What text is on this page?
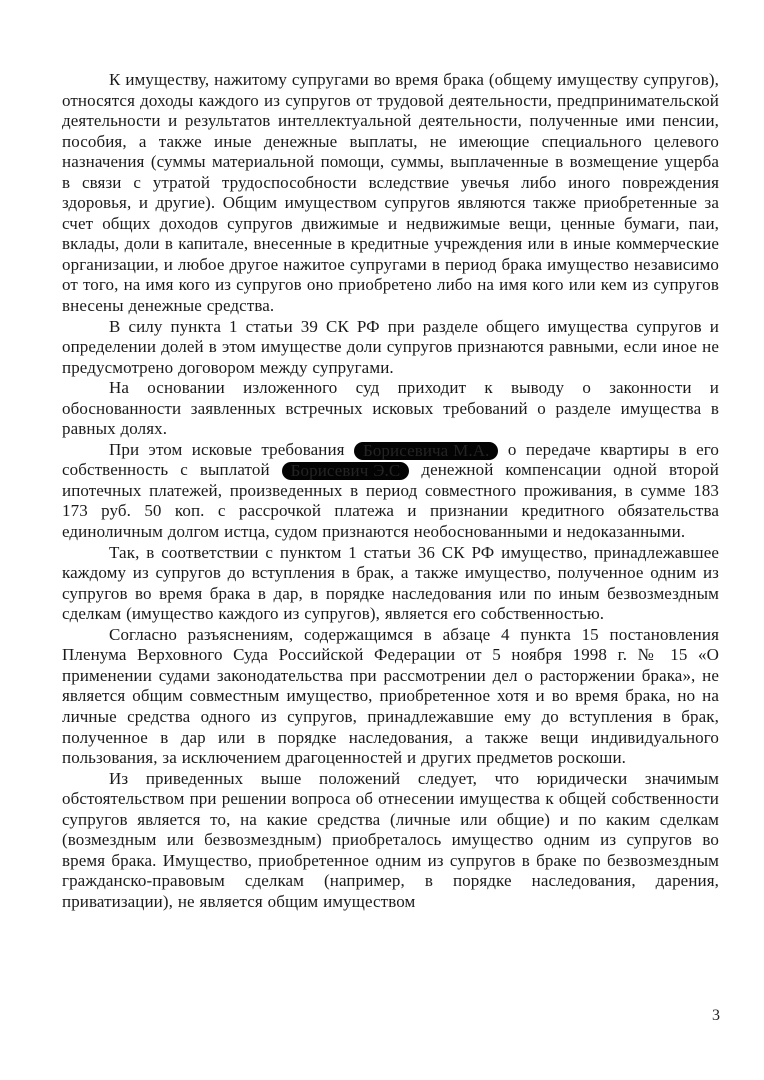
К имуществу, нажитому супругами во время брака (общему имуществу супругов), относятся доходы каждого из супругов от трудовой деятельности, предпринимательской деятельности и результатов интеллектуальной деятельности, полученные ими пенсии, пособия, а также иные денежные выплаты, не имеющие специального целевого назначения (суммы материальной помощи, суммы, выплаченные в возмещение ущерба в связи с утратой трудоспособности вследствие увечья либо иного повреждения здоровья, и другие). Общим имуществом супругов являются также приобретенные за счет общих доходов супругов движимые и недвижимые вещи, ценные бумаги, паи, вклады, доли в капитале, внесенные в кредитные учреждения или в иные коммерческие организации, и любое другое нажитое супругами в период брака имущество независимо от того, на имя кого из супругов оно приобретено либо на имя кого или кем из супругов внесены денежные средства.

В силу пункта 1 статьи 39 СК РФ при разделе общего имущества супругов и определении долей в этом имуществе доли супругов признаются равными, если иное не предусмотрено договором между супругами.

На основании изложенного суд приходит к выводу о законности и обоснованности заявленных встречных исковых требований о разделе имущества в равных долях.

При этом исковые требования Борисевича М.А. о передаче квартиры в его собственность с выплатой Борисевич Э.С денежной компенсации одной второй ипотечных платежей, произведенных в период совместного проживания, в сумме 183 173 руб. 50 коп. с рассрочкой платежа и признании кредитного обязательства единоличным долгом истца, судом признаются необоснованными и недоказанными.

Так, в соответствии с пунктом 1 статьи 36 СК РФ имущество, принадлежавшее каждому из супругов до вступления в брак, а также имущество, полученное одним из супругов во время брака в дар, в порядке наследования или по иным безвозмездным сделкам (имущество каждого из супругов), является его собственностью.

Согласно разъяснениям, содержащимся в абзаце 4 пункта 15 постановления Пленума Верховного Суда Российской Федерации от 5 ноября 1998 г. № 15 «О применении судами законодательства при рассмотрении дел о расторжении брака», не является общим совместным имущество, приобретенное хотя и во время брака, но на личные средства одного из супругов, принадлежавшие ему до вступления в брак, полученное в дар или в порядке наследования, а также вещи индивидуального пользования, за исключением драгоценностей и других предметов роскоши.

Из приведенных выше положений следует, что юридически значимым обстоятельством при решении вопроса об отнесении имущества к общей собственности супругов является то, на какие средства (личные или общие) и по каким сделкам (возмездным или безвозмездным) приобреталось имущество одним из супругов во время брака. Имущество, приобретенное одним из супругов в браке по безвозмездным гражданско-правовым сделкам (например, в порядке наследования, дарения, приватизации), не является общим имуществом

3
